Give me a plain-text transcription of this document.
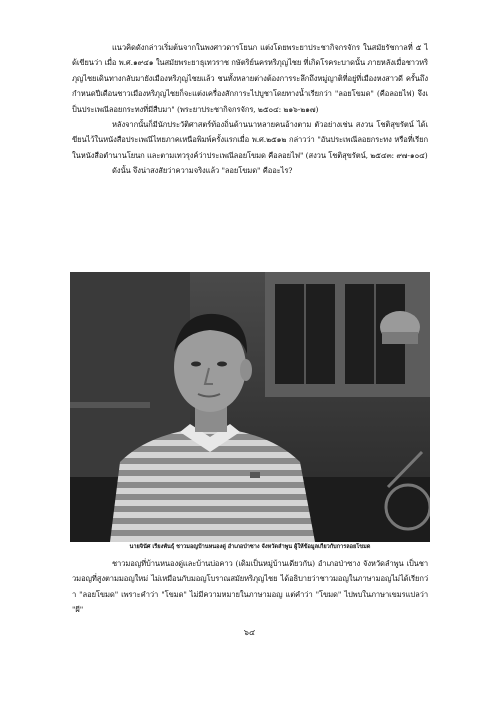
แนวคิดดังกล่าวเริ่มต้นจากในพงศาวดารโยนก แต่งโดยพระยาประชากิจกรจักร ในสมัยรัชกาลที่ ๕ ได้เขียนว่า เมื่อ พ.ศ.๑๙๔๑ ในสมัยพระยาธุเทวราช กษัตริย์นครหริภุญไชย ที่เกิดโรคระบาดนั้น ภายหลังเมื่อชาวหริภุญไชยเดินทางกลับมายังเมืองหริภุญไชยแล้ว ชนทั้งหลายต่างต้องการระลึกถึงหมู่ญาติที่อยู่ที่เมืองหงสาวดี ครั้นถึงกำหนดปีเดือนชาวเมืองหริภุญไชยก็จะแต่งเครื่องสักการะไปบูชาโดยทางน้ำเรียกว่า "ลอยโขมด" (คือลอยไฟ) จึงเป็นประเพณีลอยกระทงที่มีสืบมา" (พระยาประชากิจกรจักร, ๒๕๐๔: ๒๑๖-๒๑๗)

หลังจากนั้นก็มีนักประวัติศาสตร์ท้องถิ่นด้านนาหลายคนอ้างตาม ตัวอย่างเช่น สงวน โชติสุขรัตน์ ได้เขียนไว้ในหนังสือประเพณีไทยภาคเหนือพิมพ์ครั้งแรกเมื่อ พ.ศ.๒๕๑๒ กล่าวว่า "อันประเพณีลอยกระทง หรือที่เรียกในหนังสือตำนานโยนก และตามเทวรุงค์ว่าประเพณีลอยโขมด คือลอยไฟ" (สงวน โชติสุขรัตน์, ๒๕๔๓: ๙๗-๑๐๔)

ดังนั้น จึงน่าสงสัยว่าความจริงแล้ว "ลอยโขมด" คืออะไร?

นายจินัศ เรียงพันธุ์ ชาวมอญบ้านหนองดู่ อำเภอป่าซาง จังหวัดลำพูน ผู้ให้ข้อมูลเกี่ยวกับการลอยโขมด

ชาวมอญที่บ้านหนองดู่และบ้านบ่อคาว (เดิมเป็นหมู่บ้านเดียวกัน) อำเภอป่าซาง จังหวัดลำพูน เป็นชาวมอญที่สูงตามมอญใหม่ ไม่เหมือนกับมอญโบราณสมัยหริภุญไชย ได้อธิบายว่าชาวมอญในภาษามอญไม่ได้เรียกว่า "ลอยโขมด" เพราะคำว่า "โขมด" ไม่มีความหมายในภาษามอญ แต่คำว่า "โขมด" ไปพบในภาษาเขมรแปลว่า "ผี"

๖๔
